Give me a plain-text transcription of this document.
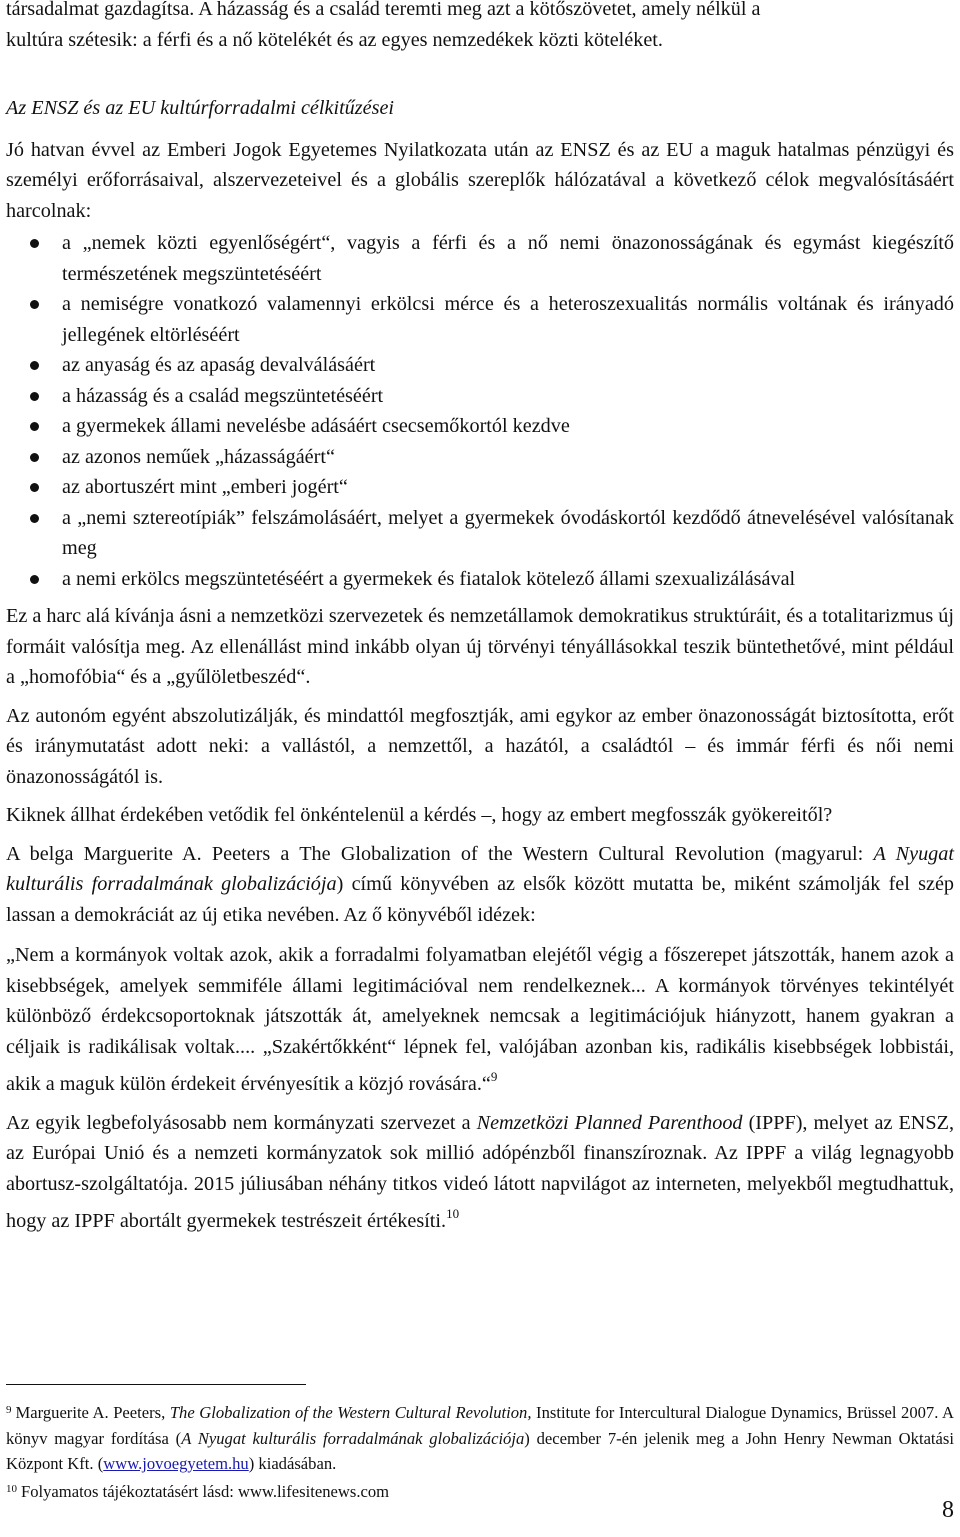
társadalmat gazdagítsa. A házasság és a család teremti meg azt a kötőszövetet, amely nélkül a
kultúra szétesik: a férfi és a nő kötelékét és az egyes nemzedékek közti köteléket.

Az ENSZ és az EU kultúrforradalmi célkitűzései

Jó hatvan évvel az Emberi Jogok Egyetemes Nyilatkozata után az ENSZ és az EU a maguk hatalmas pénzügyi és személyi erőforrásaival, alszervezeteivel és a globális szereplők hálózatával a következő célok megvalósításáért harcolnak:

a „nemek közti egyenlőségért“, vagyis a férfi és a nő nemi önazonosságának és egymást kiegészítő természetének megszüntetéséért
a nemiségre vonatkozó valamennyi erkölcsi mérce és a heteroszexualitás normális voltának és irányadó jellegének eltörléséért
az anyaság és az apaság devalválásáért
a házasság és a család megszüntetéséért
a gyermekek állami nevelésbe adásáért csecsemőkortól kezdve
az azonos neműek „házasságáért“
az abortuszért mint „emberi jogért“
a „nemi sztereotípiák” felszámolásáért, melyet a gyermekek óvodáskortól kezdődő átnevelésével valósítanak meg
a nemi erkölcs megszüntetéséért a gyermekek és fiatalok kötelező állami szexualizálásával

Ez a harc alá kívánja ásni a nemzetközi szervezetek és nemzetállamok demokratikus struktúráit, és a totalitarizmus új formáit valósítja meg. Az ellenállást mind inkább olyan új törvényi tényállásokkal teszik büntethetővé, mint például a „homofóbia“ és a „gyűlöletbeszéd“.

Az autonóm egyént abszolutizálják, és mindattól megfosztják, ami egykor az ember önazonosságát biztosította, erőt és iránymutatást adott neki: a vallástól, a nemzettől, a hazától, a családtól – és immár férfi és női nemi önazonosságától is.

Kiknek állhat érdekében vetődik fel önkéntelenül a kérdés –, hogy az embert megfosszák gyökereitől?

A belga Marguerite A. Peeters a The Globalization of the Western Cultural Revolution (magyarul: A Nyugat kulturális forradalmának globalizációja) című könyvében az elsők között mutatta be, miként számolják fel szép lassan a demokráciát az új etika nevében. Az ő könyvéből idézek:

„Nem a kormányok voltak azok, akik a forradalmi folyamatban elejétől végig a főszerepet játszották, hanem azok a kisebbségek, amelyek semmiféle állami legitimációval nem rendelkeznek... A kormányok törvényes tekintélyét különböző érdekcsoportoknak játszották át, amelyeknek nemcsak a legitimációjuk hiányzott, hanem gyakran a céljaik is radikálisak voltak.... „Szakértőkként“ lépnek fel, valójában azonban kis, radikális kisebbségek lobbistái, akik a maguk külön érdekeit érvényesítik a közjó rovására.“$^9$

Az egyik legbefolyásosabb nem kormányzati szervezet a Nemzetközi Planned Parenthood (IPPF), melyet az ENSZ, az Európai Unió és a nemzeti kormányzatok sok millió adópénzből finanszíroznak. Az IPPF a világ legnagyobb abortusz-szolgáltatója. 2015 júliusában néhány titkos videó látott napvilágot az interneten, melyekből megtudhattuk, hogy az IPPF abortált gyermekek testrészeit értékesíti.$^{10}$

$^9$ Marguerite A. Peeters, The Globalization of the Western Cultural Revolution, Institute for Intercultural Dialogue Dynamics, Brüssel 2007. A könyv magyar fordítása (A Nyugat kulturális forradalmának globalizációja) december 7-én jelenik meg a John Henry Newman Oktatási Központ Kft. (www.jovoegyetem.hu) kiadásában.

$^{10}$ Folyamatos tájékoztatásért lásd: www.lifesitenews.com

8
